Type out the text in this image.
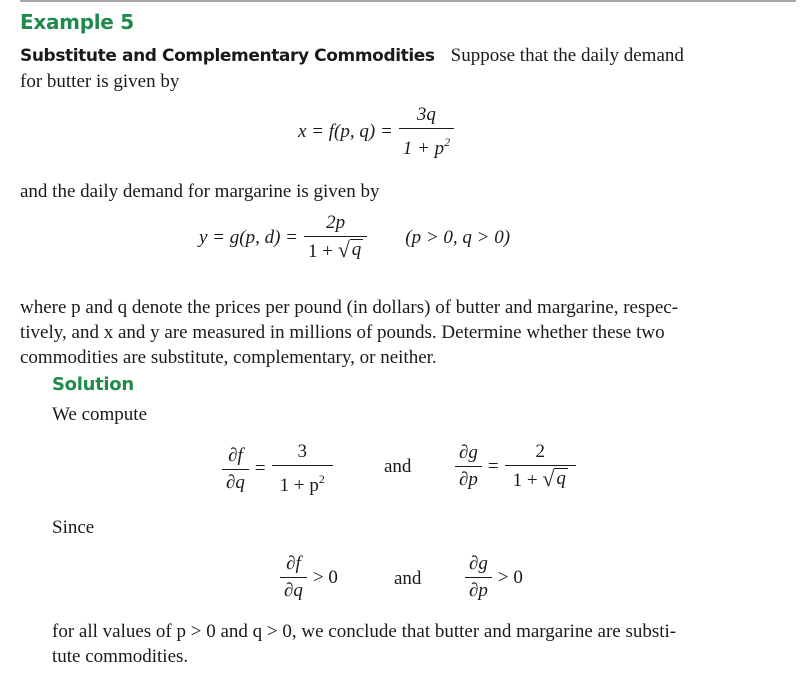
Example 5
Substitute and Complementary Commodities Suppose that the daily demand
for butter is given by
x = f(p, $q) = \frac{3q}{1 + p^2}$
and the daily demand for margarine is given by
y = g(p, $d) = \frac{2p}{1 + √ q} (p > 0$, q > 0)
where p and q denote the prices per pound (in dollars) of butter and margarine, respec-
tively, and x and y are measured in millions of pounds. Determine whether these two
commodities are substitute, complementary, or neither.
Solution
We compute
$\frac{\partial f}{\partial q} = \frac{3}{1 + p^2}$	and $\frac{\partial g}{\partial p} = \frac{2}{1 + √ q}$
Since
$\frac{\partial f}{\partial q} > 0$	and $\frac{\partial g}{\partial p} > 0$
for all values of p > 0 and q > 0, we conclude that butter and margarine are substi-
tute commodities.
